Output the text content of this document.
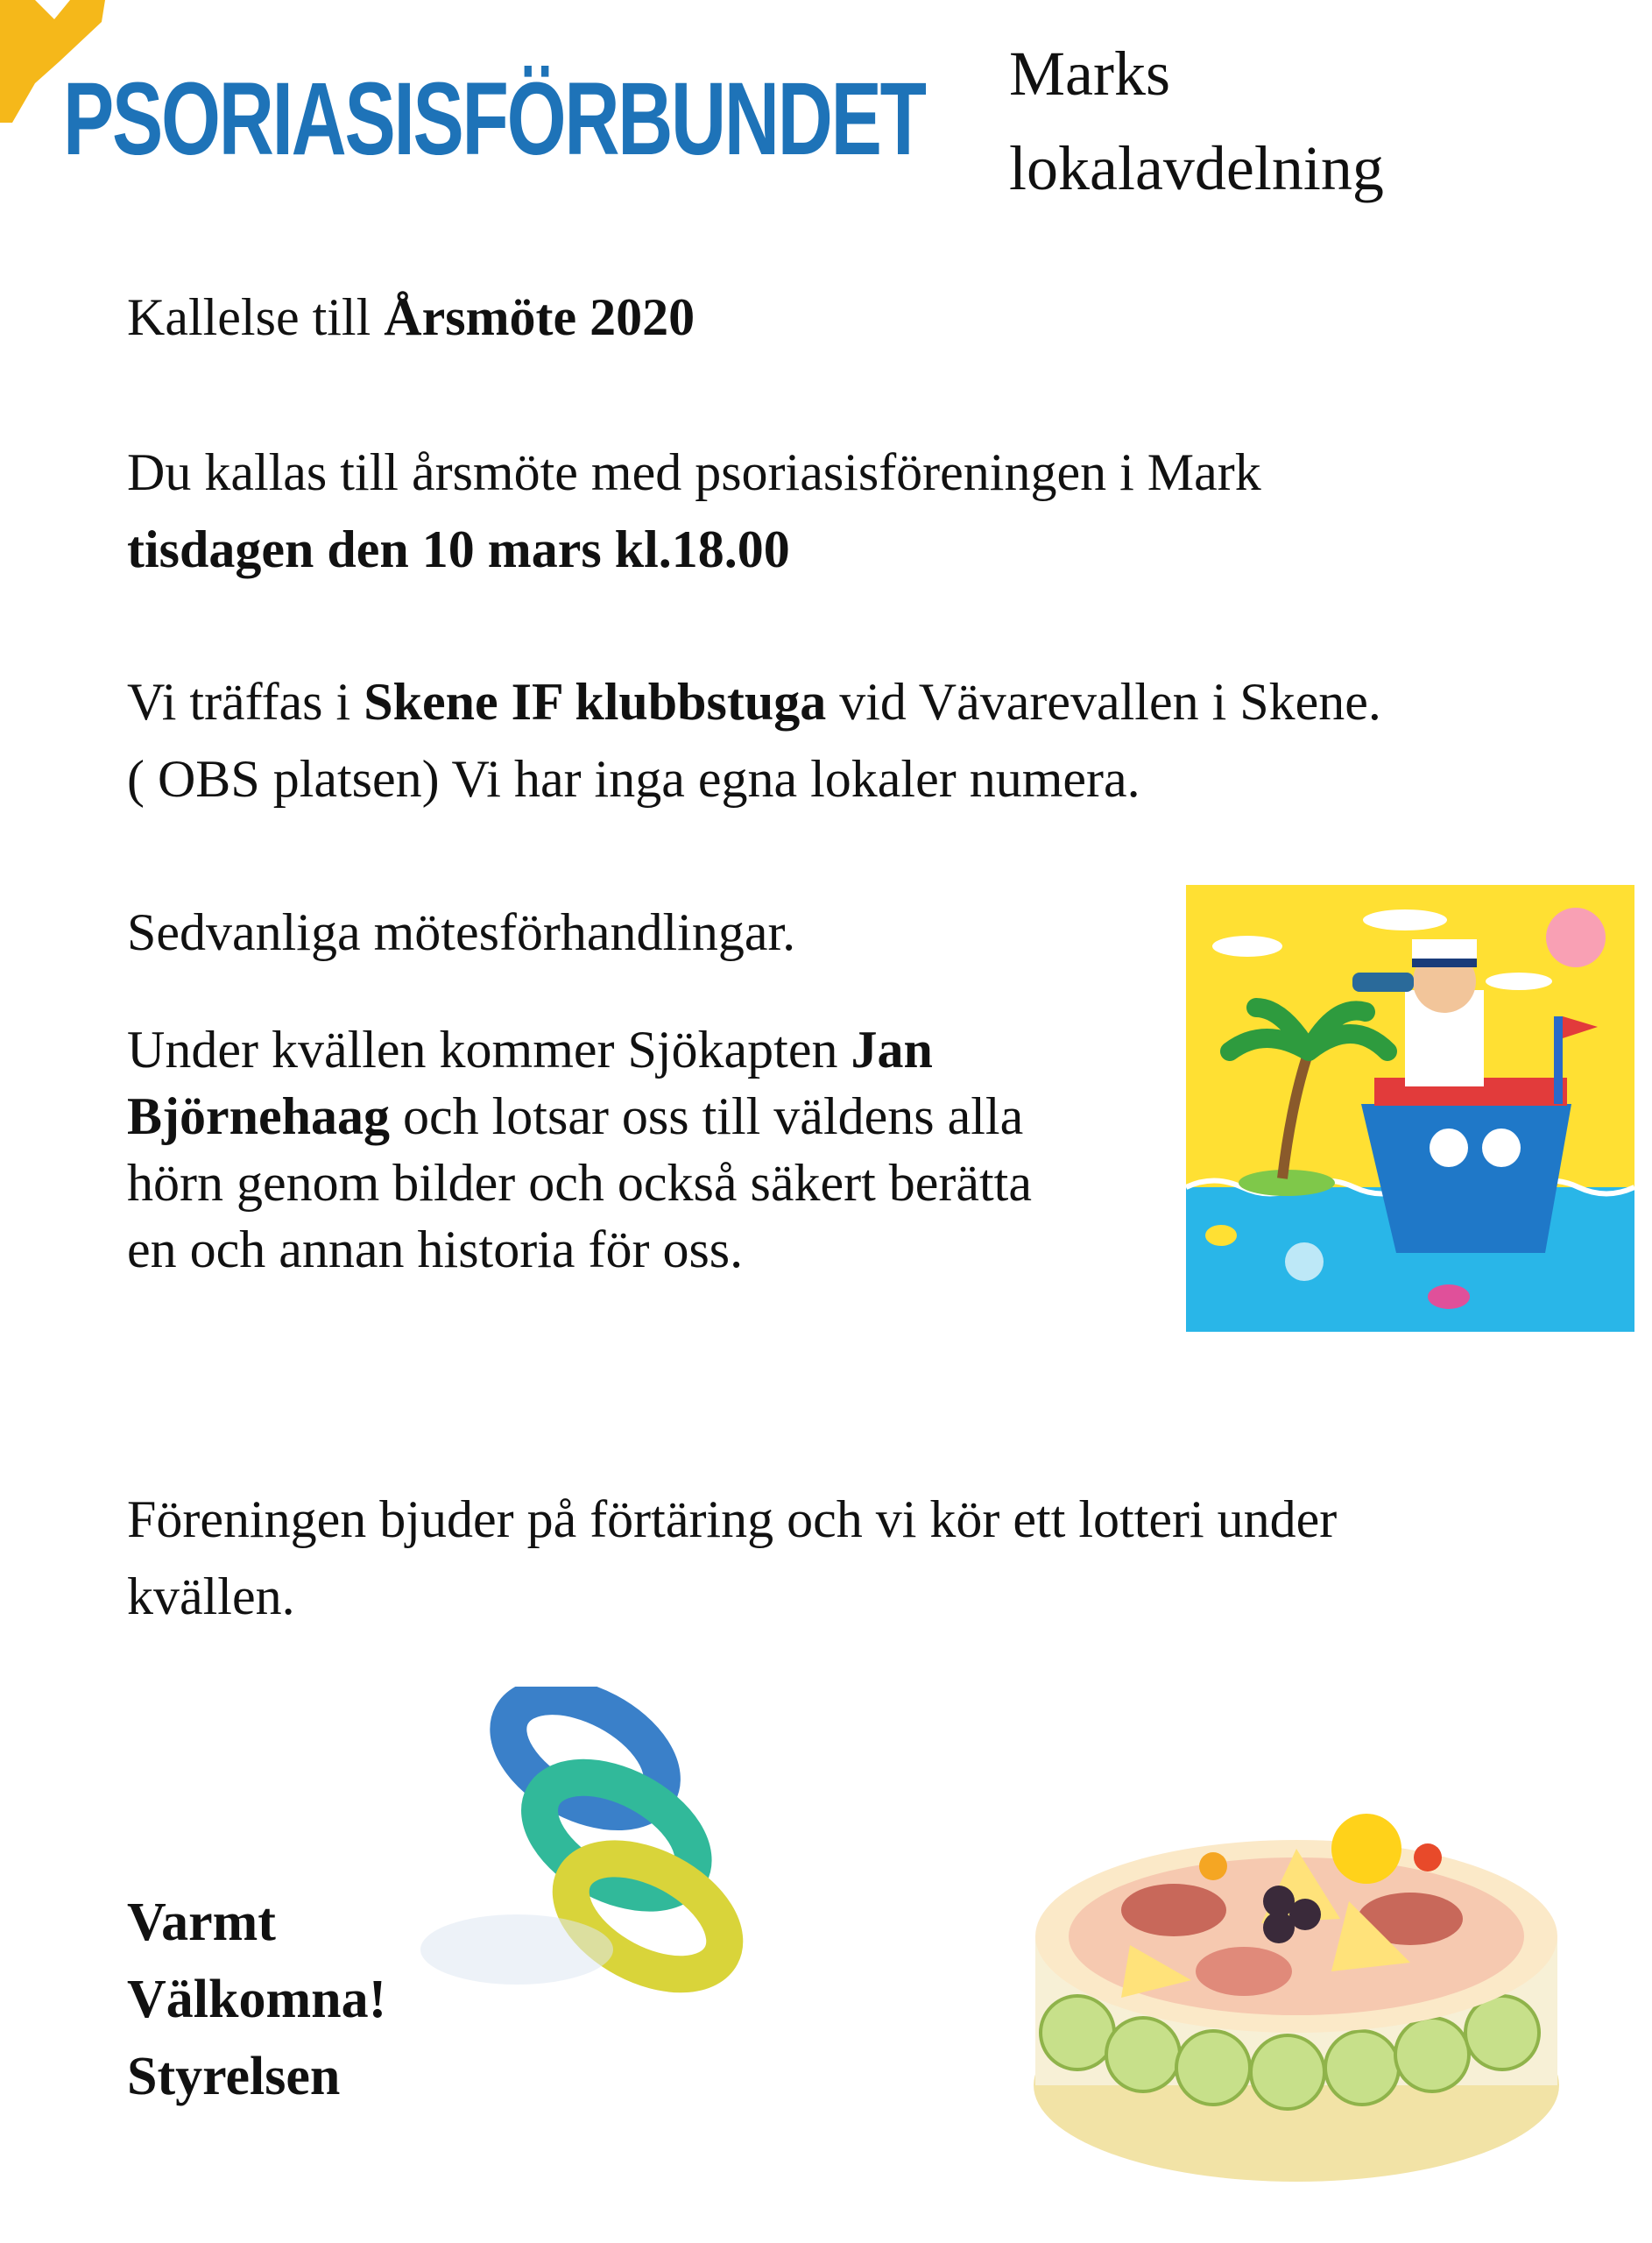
PSORIASISFÖRBUNDET Marks
lokalavdelning

Kallelse till Årsmöte 2020

Du kallas till årsmöte med psoriasisföreningen i Mark

tisdagen den 10 mars kl.18.00

Vi träffas i Skene IF klubbstuga vid Vävarevallen i Skene.

( OBS platsen) Vi har inga egna lokaler numera.

Sedvanliga mötesförhandlingar.

Under kvällen kommer Sjökapten Jan

Björnehaag och lotsar oss till väldens alla

hörn genom bilder och också säkert berätta

en och annan historia för oss.

Föreningen bjuder på förtäring och vi kör ett lotteri under

kvällen.

Varmt
Välkomna!
Styrelsen
